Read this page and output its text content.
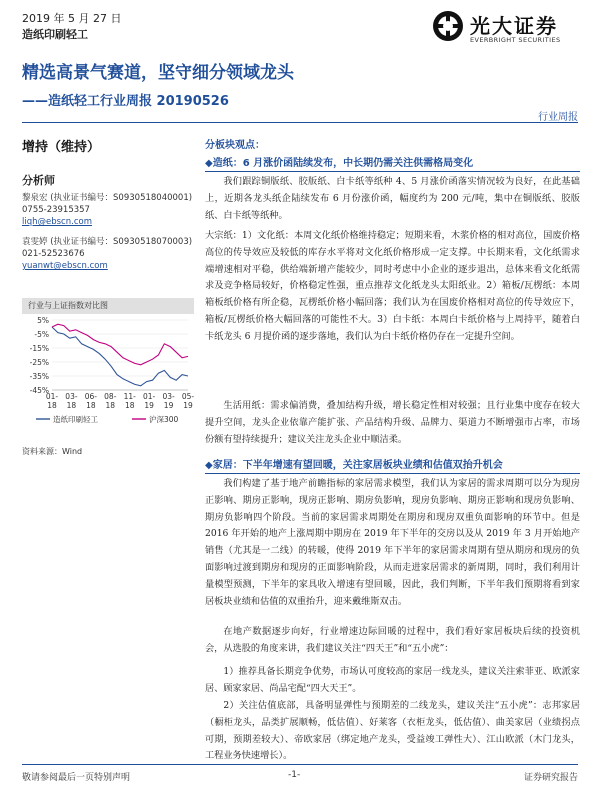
2019 年 5 月 27 日
造纸印刷轻工	光大证券
EVERBRIGHT SECURITIES
精选高景气赛道，坚守细分领域龙头
——造纸轻工行业周报 20190526
行业周报
增持（维持）
分析师
黎泉宏 (执业证书编号：S0930518040001)
0755-23915357
liqh@ebscn.com
袁雯婷 (执业证书编号：S0930518070003)
021-52523676
yuanwt@ebscn.com
行业与上证指数对比图
5%
-5%
-15%
-25%
-35%
-45%
01-
18
03-
18
06-
18
08-
18
11-
18
01-
19
03-
19
05-
19
造纸印刷轻工	沪深300
资料来源：Wind
分板块观点：
◆造纸：6 月涨价函陆续发布，中长期仍需关注供需格局变化
我们跟踪铜版纸、胶版纸、白卡纸等纸种 4、5 月涨价函落实情况较为良好，在此基础上，近期各龙头纸企陆续发布 6 月份涨价函，幅度约为 200 元/吨，集中在铜版纸、胶版纸、白卡纸等纸种。
大宗纸：1）文化纸：本周文化纸价格维持稳定；短期来看，木浆价格的相对高位，国废价格高位的传导效应及较低的库存水平将对文化纸价格形成一定支撑。中长期来看，文化纸需求端增速相对平稳，供给端新增产能较少，同时考虑中小企业的逐步退出，总体来看文化纸需求及竞争格局较好，价格稳定性强，重点推荐文化纸龙头太阳纸业。2）箱板/瓦楞纸：本周箱板纸价格有所企稳，瓦楞纸价格小幅回落；我们认为在国废价格相对高位的传导效应下，箱板/瓦楞纸价格大幅回落的可能性不大。3）白卡纸：本周白卡纸价格与上周持平，随着白卡纸龙头 6 月提价函的逐步落地，我们认为白卡纸价格仍存在一定提升空间。
生活用纸：需求偏消费，叠加结构升级，增长稳定性相对较强；且行业集中度存在较大提升空间，龙头企业依靠产能扩张、产品结构升级、品牌力、渠道力不断增强市占率，市场份额有望持续提升；建议关注龙头企业中顺洁柔。
◆家居：下半年增速有望回暖，关注家居板块业绩和估值双抬升机会
我们构建了基于地产前瞻指标的家居需求模型，我们认为家居的需求周期可以分为现房正影响、期房正影响，现房正影响、期房负影响，现房负影响、期房正影响和现房负影响、期房负影响四个阶段。当前的家居需求周期处在期房和现房双重负面影响的环节中。但是 2016 年开始的地产上涨周期中期房在 2019 年下半年的交房以及从 2019 年 3 月开始地产销售（尤其是一二线）的转暖，使得 2019 年下半年的家居需求周期有望从期房和现房的负面影响过渡到期房和现房的正面影响阶段，从而走进家居需求的新周期，同时，我们利用计量模型预测，下半年的家具收入增速有望回暖，因此，我们判断，下半年我们预期将看到家居板块业绩和估值的双重抬升，迎来戴维斯双击。
在地产数据逐步向好，行业增速边际回暖的过程中，我们看好家居板块后续的投资机会，从选股的角度来讲，我们建议关注“四天王”和“五小虎”：
1）推荐具备长期竞争优势，市场认可度较高的家居一线龙头，建议关注索菲亚、欧派家居、顾家家居、尚品宅配“四大天王”。
2）关注估值底部，具备明显弹性与预期差的二线龙头，建议关注“五小虎”：志邦家居（橱柜龙头，品类扩展顺畅，低估值）、好莱客（衣柜龙头，低估值）、曲美家居（业绩拐点可期，预期差较大）、帝欧家居（绑定地产龙头，受益竣工弹性大）、江山欧派（木门龙头，工程业务快速增长）。
敬请参阅最后一页特别声明	-1-	证券研究报告
